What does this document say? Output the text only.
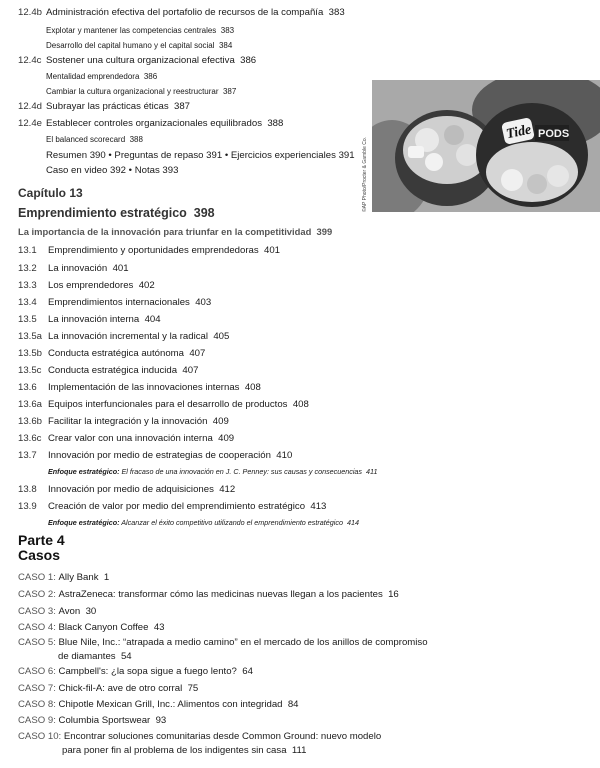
12.4b Administración efectiva del portafolio de recursos de la compañía 383
Explotar y mantener las competencias centrales 383
Desarrollo del capital humano y el capital social 384
12.4c Sostener una cultura organizacional efectiva 386
Mentalidad emprendedora 386
Cambiar la cultura organizacional y reestructurar 387
12.4d Subrayar las prácticas éticas 387
12.4e Establecer controles organizacionales equilibrados 388
El balanced scorecard 388
Resumen 390 • Preguntas de repaso 391 • Ejercicios experienciales 391
Caso en video 392 • Notas 393
Tide PODS
©AP Photo/Procter & Gamble Co.
Capítulo 13
Emprendimiento estratégico 398
La importancia de la innovación para triunfar en la competitividad 399
13.1 Emprendimiento y oportunidades emprendedoras 401
13.2 La innovación 401
13.3 Los emprendedores 402
13.4 Emprendimientos internacionales 403
13.5 La innovación interna 404
13.5a La innovación incremental y la radical 405
13.5b Conducta estratégica autónoma 407
13.5c Conducta estratégica inducida 407
13.6 Implementación de las innovaciones internas 408
13.6a Equipos interfuncionales para el desarrollo de productos 408
13.6b Facilitar la integración y la innovación 409
13.6c Crear valor con una innovación interna 409
13.7 Innovación por medio de estrategias de cooperación 410
Enfoque estratégico: El fracaso de una innovación en J. C. Penney: sus causas y consecuencias 411
13.8 Innovación por medio de adquisiciones 412
13.9 Creación de valor por medio del emprendimiento estratégico 413
Enfoque estratégico: Alcanzar el éxito competitivo utilizando el emprendimiento estratégico 414
Parte 4
Casos
CASO 1: Ally Bank 1
CASO 2: AstraZeneca: transformar cómo las medicinas nuevas llegan a los pacientes 16
CASO 3: Avon 30
CASO 4: Black Canyon Coffee 43
CASO 5: Blue Nile, Inc.: “atrapada a medio camino” en el mercado de los anillos de compromiso
de diamantes 54
CASO 6: Campbell's: ¿la sopa sigue a fuego lento? 64
CASO 7: Chick-fil-A: ave de otro corral 75
CASO 8: Chipotle Mexican Grill, Inc.: Alimentos con integridad 84
CASO 9: Columbia Sportswear 93
CASO 10: Encontrar soluciones comunitarias desde Common Ground: nuevo modelo
para poner fin al problema de los indigentes sin casa 111
